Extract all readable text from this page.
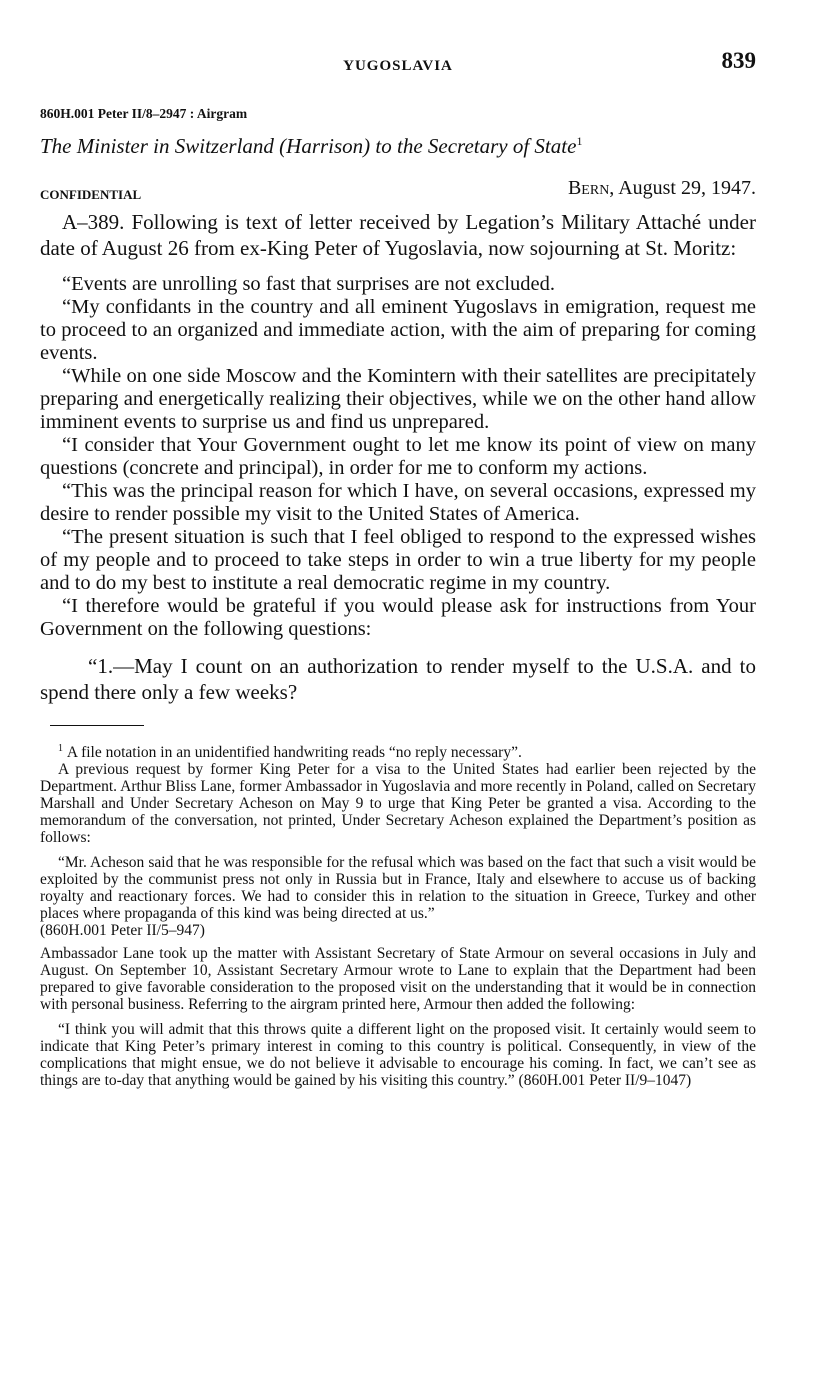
YUGOSLAVIA	839
860H.001 Peter II/8–2947 : Airgram
The Minister in Switzerland (Harrison) to the Secretary of State$^1$
CONFIDENTIAL	Bern, August 29, 1947.

A–389. Following is text of letter received by Legation’s Military Attaché under date of August 26 from ex-King Peter of Yugoslavia, now sojourning at St. Moritz:

“Events are unrolling so fast that surprises are not excluded.

“My confidants in the country and all eminent Yugoslavs in emigration, request me to proceed to an organized and immediate action, with the aim of preparing for coming events.

“While on one side Moscow and the Komintern with their satellites are precipitately preparing and energetically realizing their objectives, while we on the other hand allow imminent events to surprise us and find us unprepared.

“I consider that Your Government ought to let me know its point of view on many questions (concrete and principal), in order for me to conform my actions.

“This was the principal reason for which I have, on several occasions, expressed my desire to render possible my visit to the United States of America.

“The present situation is such that I feel obliged to respond to the expressed wishes of my people and to proceed to take steps in order to win a true liberty for my people and to do my best to institute a real democratic regime in my country.

“I therefore would be grateful if you would please ask for instructions from Your Government on the following questions:

“1.—May I count on an authorization to render myself to the U.S.A. and to spend there only a few weeks?

$^1$ A file notation in an unidentified handwriting reads “no reply necessary”.

A previous request by former King Peter for a visa to the United States had earlier been rejected by the Department. Arthur Bliss Lane, former Ambassador in Yugoslavia and more recently in Poland, called on Secretary Marshall and Under Secretary Acheson on May 9 to urge that King Peter be granted a visa. According to the memorandum of the conversation, not printed, Under Secretary Acheson explained the Department’s position as follows:

“Mr. Acheson said that he was responsible for the refusal which was based on the fact that such a visit would be exploited by the communist press not only in Russia but in France, Italy and elsewhere to accuse us of backing royalty and reactionary forces. We had to consider this in relation to the situation in Greece, Turkey and other places where propaganda of this kind was being directed at us.”

(860H.001 Peter II/5–947)

Ambassador Lane took up the matter with Assistant Secretary of State Armour on several occasions in July and August. On September 10, Assistant Secretary Armour wrote to Lane to explain that the Department had been prepared to give favorable consideration to the proposed visit on the understanding that it would be in connection with personal business. Referring to the airgram printed here, Armour then added the following:

“I think you will admit that this throws quite a different light on the proposed visit. It certainly would seem to indicate that King Peter’s primary interest in coming to this country is political. Consequently, in view of the complications that might ensue, we do not believe it advisable to encourage his coming. In fact, we can’t see as things are to-day that anything would be gained by his visiting this country.” (860H.001 Peter II/9–1047)
